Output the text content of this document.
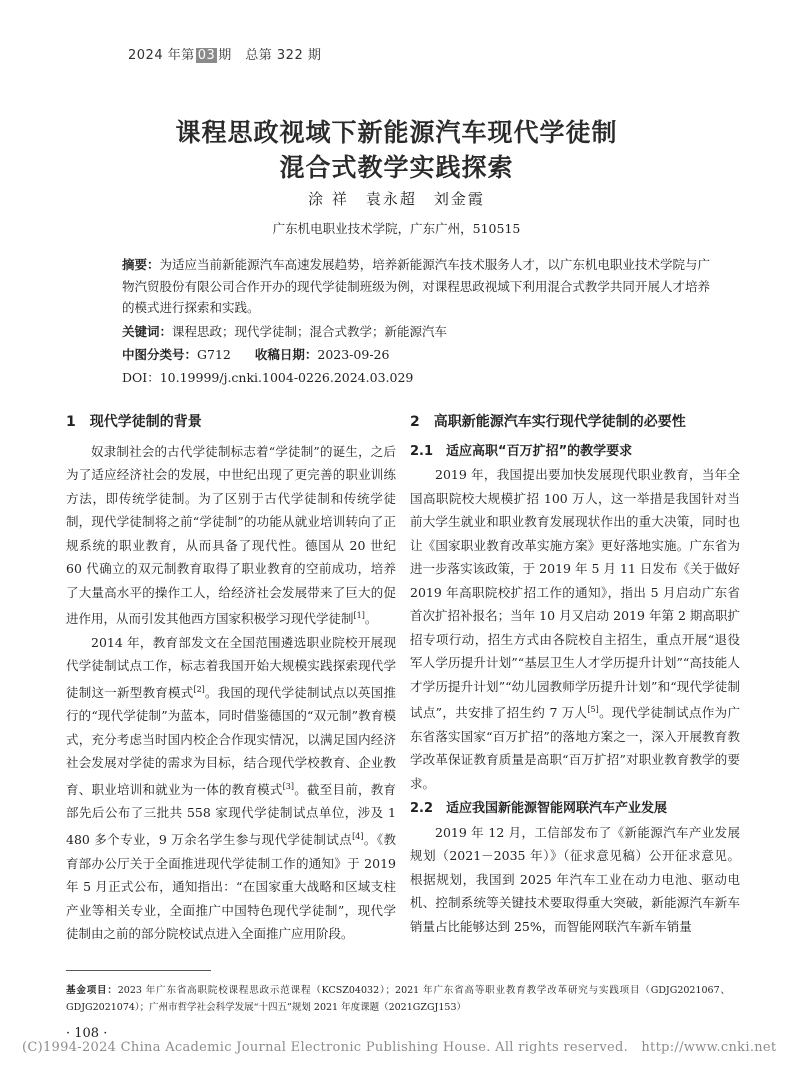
2024 年第 03 期　总第 322 期
课程思政视域下新能源汽车现代学徒制
混合式教学实践探索
涂 祥　袁永超　刘金霞
广东机电职业技术学院，广东广州，510515
摘要：为适应当前新能源汽车高速发展趋势，培养新能源汽车技术服务人才，以广东机电职业技术学院与广物汽贸股份有限公司合作开办的现代学徒制班级为例，对课程思政视域下利用混合式教学共同开展人才培养的模式进行探索和实践。
关键词：课程思政；现代学徒制；混合式教学；新能源汽车
中图分类号：G712 收稿日期：2023-09-26
DOI：10.19999/j.cnki.1004-0226.2024.03.029
1　现代学徒制的背景

奴隶制社会的古代学徒制标志着“学徒制”的诞生，之后为了适应经济社会的发展，中世纪出现了更完善的职业训练方法，即传统学徒制。为了区别于古代学徒制和传统学徒制，现代学徒制将之前“学徒制”的功能从就业培训转向了正规系统的职业教育，从而具备了现代性。德国从 20 世纪 60 代确立的双元制教育取得了职业教育的空前成功，培养了大量高水平的操作工人，给经济社会发展带来了巨大的促进作用，从而引发其他西方国家积极学习现代学徒制[1]。

2014 年，教育部发文在全国范围遴选职业院校开展现代学徒制试点工作，标志着我国开始大规模实践探索现代学徒制这一新型教育模式[2]。我国的现代学徒制试点以英国推行的“现代学徒制”为蓝本，同时借鉴德国的“双元制”教育模式，充分考虑当时国内校企合作现实情况，以满足国内经济社会发展对学徒的需求为目标，结合现代学校教育、企业教育、职业培训和就业为一体的教育模式[3]。截至目前，教育部先后公布了三批共 558 家现代学徒制试点单位，涉及 1 480 多个专业，9 万余名学生参与现代学徒制试点[4]。《教育部办公厅关于全面推进现代学徒制工作的通知》于 2019 年 5 月正式公布，通知指出：“在国家重大战略和区域支柱产业等相关专业，全面推广中国特色现代学徒制”，现代学徒制由之前的部分院校试点进入全面推广应用阶段。

2　高职新能源汽车实行现代学徒制的必要性
2.1　适应高职“百万扩招”的教学要求

2019 年，我国提出要加快发展现代职业教育，当年全国高职院校大规模扩招 100 万人，这一举措是我国针对当前大学生就业和职业教育发展现状作出的重大决策，同时也让《国家职业教育改革实施方案》更好落地实施。广东省为进一步落实该政策，于 2019 年 5 月 11 日发布《关于做好 2019 年高职院校扩招工作的通知》，指出 5 月启动广东省首次扩招补报名；当年 10 月又启动 2019 年第 2 期高职扩招专项行动，招生方式由各院校自主招生，重点开展“退役军人学历提升计划”“基层卫生人才学历提升计划”“高技能人才学历提升计划”“幼儿园教师学历提升计划”和“现代学徒制试点”，共安排了招生约 7 万人[5]。现代学徒制试点作为广东省落实国家“百万扩招”的落地方案之一，深入开展教育教学改革保证教育质量是高职“百万扩招”对职业教育教学的要求。

2.2　适应我国新能源智能网联汽车产业发展

2019 年 12 月，工信部发布了《新能源汽车产业发展规划（2021－2035 年）》（征求意见稿）公开征求意见。根据规划，我国到 2025 年汽车工业在动力电池、驱动电机、控制系统等关键技术要取得重大突破，新能源汽车新车销量占比能够达到 25%，而智能网联汽车新车销量

基金项目：2023 年广东省高职院校课程思政示范课程（KCSZ04032）；2021 年广东省高等职业教育教学改革研究与实践项目（GDJG2021067、GDJG2021074）；广州市哲学社会科学发展“十四五”规划 2021 年度课题（2021GZGJ153）
· 108 ·
(C)1994-2024 China Academic Journal Electronic Publishing House. All rights reserved.　http://www.cnki.net
